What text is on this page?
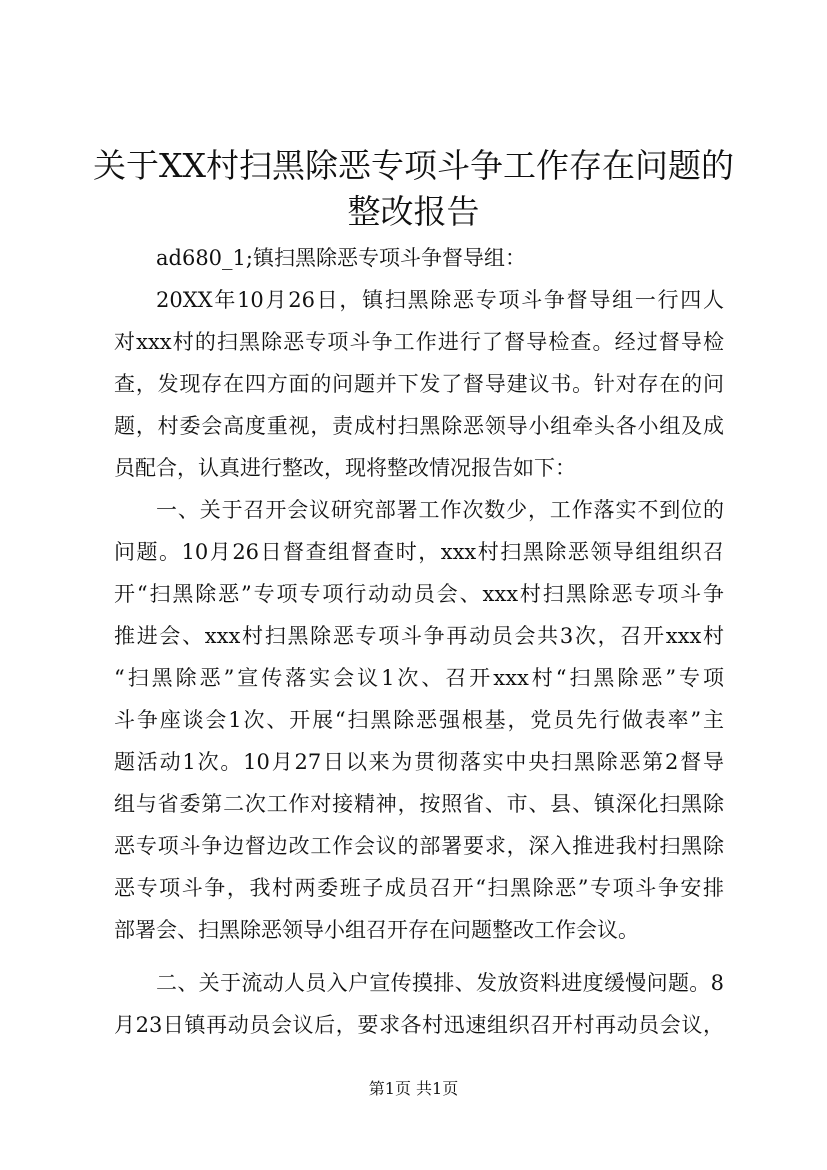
关于XX村扫黑除恶专项斗争工作存在问题的
整改报告
ad680_1;镇扫黑除恶专项斗争督导组：
20XX年10月26日，镇扫黑除恶专项斗争督导组一行四人
对xxx村的扫黑除恶专项斗争工作进行了督导检查。经过督导检
查，发现存在四方面的问题并下发了督导建议书。针对存在的问
题，村委会高度重视，责成村扫黑除恶领导小组牵头各小组及成
员配合，认真进行整改，现将整改情况报告如下：
一、关于召开会议研究部署工作次数少，工作落实不到位的
问题。10月26日督查组督查时，xxx村扫黑除恶领导组组织召
开“扫黑除恶”专项专项行动动员会、xxx村扫黑除恶专项斗争
推进会、xxx村扫黑除恶专项斗争再动员会共3次，召开xxx村
“扫黑除恶”宣传落实会议1次、召开xxx村“扫黑除恶”专项
斗争座谈会1次、开展“扫黑除恶强根基，党员先行做表率”主
题活动1次。10月27日以来为贯彻落实中央扫黑除恶第2督导
组与省委第二次工作对接精神，按照省、市、县、镇深化扫黑除
恶专项斗争边督边改工作会议的部署要求，深入推进我村扫黑除
恶专项斗争，我村两委班子成员召开“扫黑除恶”专项斗争安排
部署会、扫黑除恶领导小组召开存在问题整改工作会议。
二、关于流动人员入户宣传摸排、发放资料进度缓慢问题。8
月23日镇再动员会议后，要求各村迅速组织召开村再动员会议，
第1页 共1页
